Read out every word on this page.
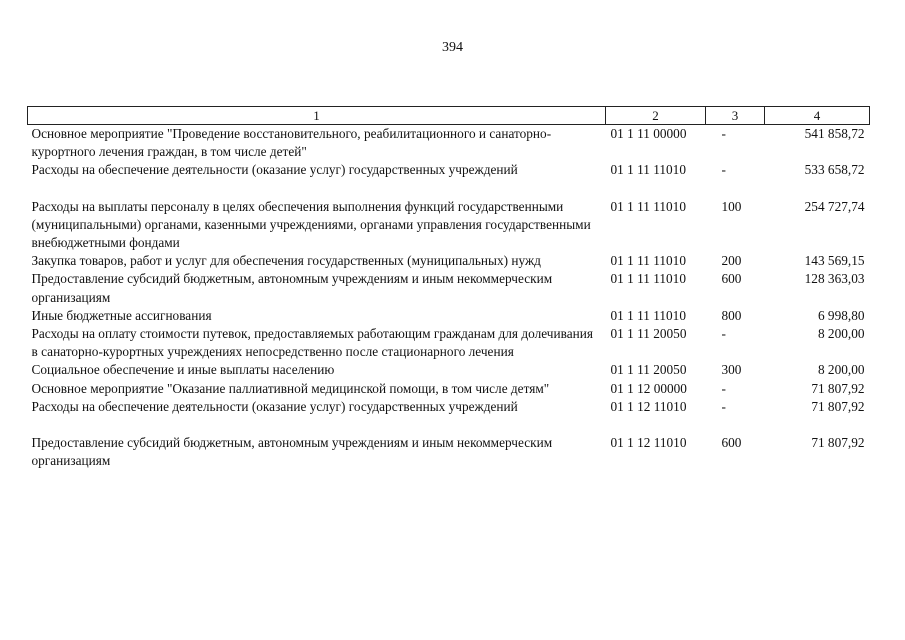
394
1	2	3	4
Основное мероприятие "Проведение восстановительного, реабилитационного и санаторно-курортного лечения граждан, в том числе детей"	01 1 11 00000	-	541 858,72
Расходы на обеспечение деятельности (оказание услуг) государственных учреждений	01 1 11 11010	-	533 658,72
Расходы на выплаты персоналу в целях обеспечения выполнения функций государственными (муниципальными) органами, казенными учреждениями, органами управления государственными внебюджетными фондами	01 1 11 11010	100	254 727,74
Закупка товаров, работ и услуг для обеспечения государственных (муниципальных) нужд	01 1 11 11010	200	143 569,15
Предоставление субсидий бюджетным, автономным учреждениям и иным некоммерческим организациям	01 1 11 11010	600	128 363,03
Иные бюджетные ассигнования	01 1 11 11010	800	6 998,80
Расходы на оплату стоимости путевок, предоставляемых работающим гражданам для долечивания в санаторно-курортных учреждениях непосредственно после стационарного лечения	01 1 11 20050	-	8 200,00
Социальное обеспечение и иные выплаты населению	01 1 11 20050	300	8 200,00
Основное мероприятие "Оказание паллиативной медицинской помощи, в том числе детям"	01 1 12 00000	-	71 807,92
Расходы на обеспечение деятельности (оказание услуг) государственных учреждений	01 1 12 11010	-	71 807,92
Предоставление субсидий бюджетным, автономным учреждениям и иным некоммерческим организациям	01 1 12 11010	600	71 807,92
